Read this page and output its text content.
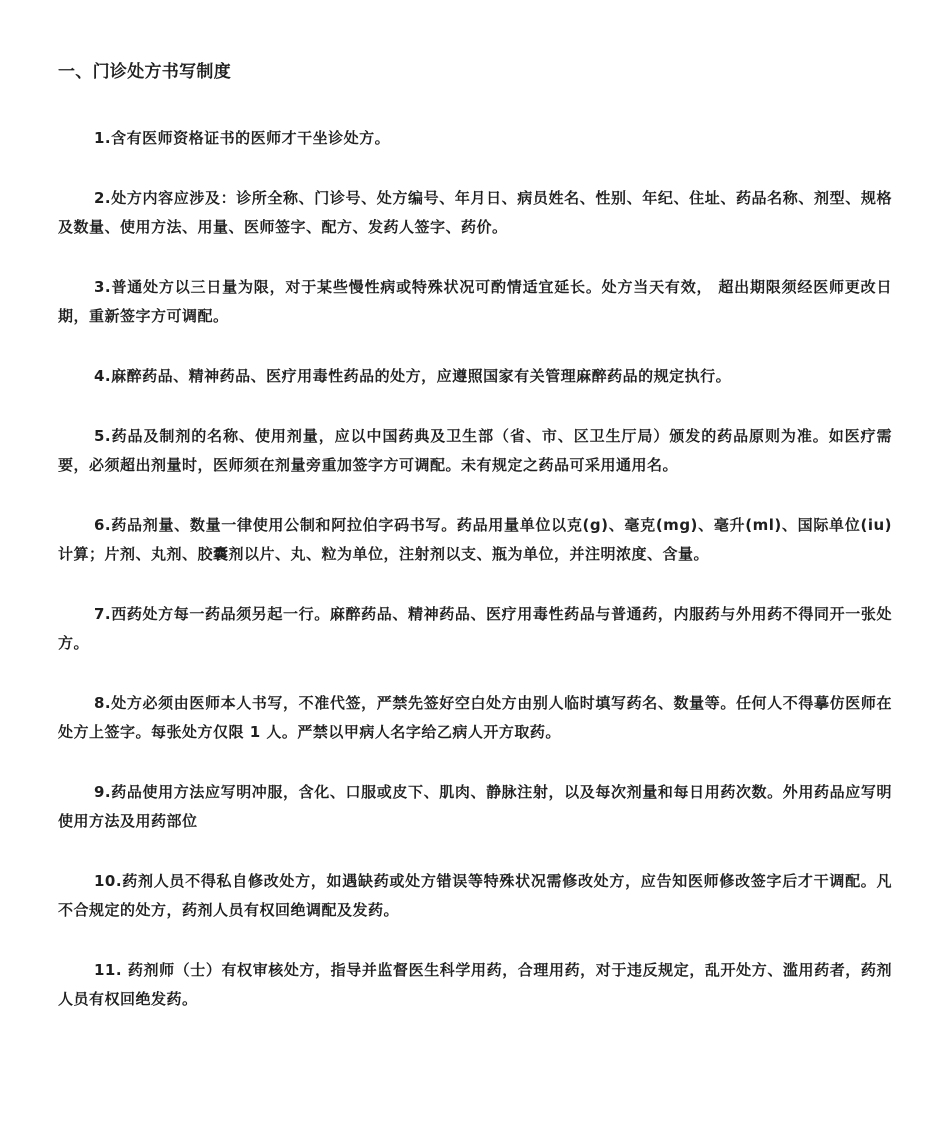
一、门诊处方书写制度

1.含有医师资格证书的医师才干坐诊处方。

2.处方内容应涉及：诊所全称、门诊号、处方编号、年月日、病员姓名、性别、年纪、住址、药品名称、剂型、规格及数量、使用方法、用量、医师签字、配方、发药人签字、药价。

3.普通处方以三日量为限，对于某些慢性病或特殊状况可酌情适宜延长。处方当天有效， 超出期限须经医师更改日期，重新签字方可调配。

4.麻醉药品、精神药品、医疗用毒性药品的处方，应遵照国家有关管理麻醉药品的规定执行。

5.药品及制剂的名称、使用剂量，应以中国药典及卫生部（省、市、区卫生厅局）颁发的药品原则为准。如医疗需要，必须超出剂量时，医师须在剂量旁重加签字方可调配。未有规定之药品可采用通用名。

6.药品剂量、数量一律使用公制和阿拉伯字码书写。药品用量单位以克(g)、毫克(mg)、毫升(ml)、国际单位(iu)计算；片剂、丸剂、胶囊剂以片、丸、粒为单位，注射剂以支、瓶为单位，并注明浓度、含量。

7.西药处方每一药品须另起一行。麻醉药品、精神药品、医疗用毒性药品与普通药，内服药与外用药不得同开一张处方。

8.处方必须由医师本人书写，不准代签，严禁先签好空白处方由别人临时填写药名、数量等。任何人不得摹仿医师在处方上签字。每张处方仅限 1 人。严禁以甲病人名字给乙病人开方取药。

9.药品使用方法应写明冲服，含化、口服或皮下、肌肉、静脉注射，以及每次剂量和每日用药次数。外用药品应写明使用方法及用药部位

10.药剂人员不得私自修改处方，如遇缺药或处方错误等特殊状况需修改处方，应告知医师修改签字后才干调配。凡不合规定的处方，药剂人员有权回绝调配及发药。

11. 药剂师（士）有权审核处方，指导并监督医生科学用药，合理用药，对于违反规定，乱开处方、滥用药者，药剂人员有权回绝发药。
